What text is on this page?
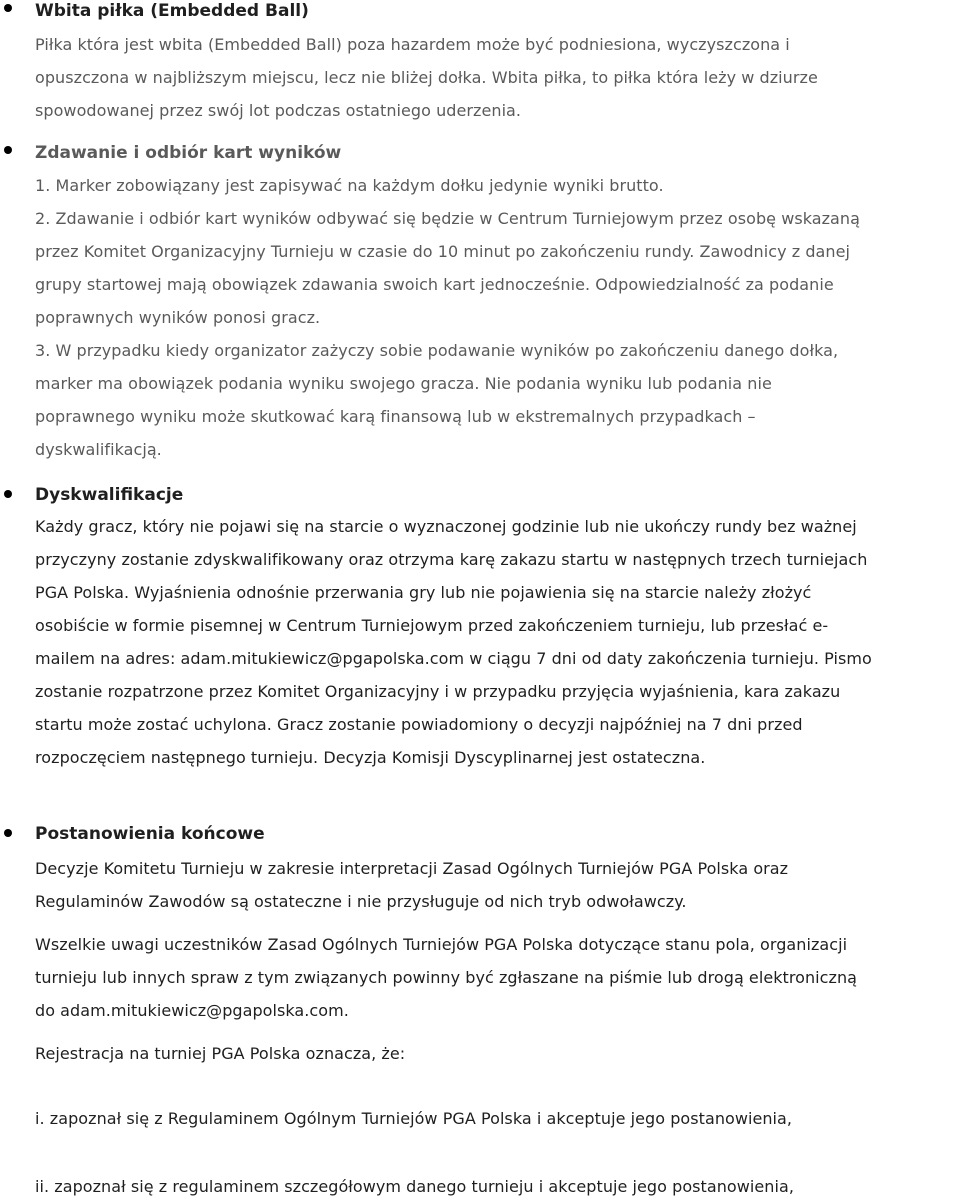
Wbita piłka (Embedded Ball)
Piłka która jest wbita (Embedded Ball) poza hazardem może być podniesiona, wyczyszczona i
opuszczona w najbliższym miejscu, lecz nie bliżej dołka. Wbita piłka, to piłka która leży w dziurze
spowodowanej przez swój lot podczas ostatniego uderzenia.
Zdawanie i odbiór kart wyników
1. Marker zobowiązany jest zapisywać na każdym dołku jedynie wyniki brutto.
2. Zdawanie i odbiór kart wyników odbywać się będzie w Centrum Turniejowym przez osobę wskazaną
przez Komitet Organizacyjny Turnieju w czasie do 10 minut po zakończeniu rundy. Zawodnicy z danej
grupy startowej mają obowiązek zdawania swoich kart jednocześnie. Odpowiedzialność za podanie
poprawnych wyników ponosi gracz.
3. W przypadku kiedy organizator zażyczy sobie podawanie wyników po zakończeniu danego dołka,
marker ma obowiązek podania wyniku swojego gracza. Nie podania wyniku lub podania nie
poprawnego wyniku może skutkować karą finansową lub w ekstremalnych przypadkach –
dyskwalifikacją.
Dyskwalifikacje
Każdy gracz, który nie pojawi się na starcie o wyznaczonej godzinie lub nie ukończy rundy bez ważnej
przyczyny zostanie zdyskwalifikowany oraz otrzyma karę zakazu startu w następnych trzech turniejach
PGA Polska. Wyjaśnienia odnośnie przerwania gry lub nie pojawienia się na starcie należy złożyć
osobiście w formie pisemnej w Centrum Turniejowym przed zakończeniem turnieju, lub przesłać e-
mailem na adres: adam.mitukiewicz@pgapolska.com w ciągu 7 dni od daty zakończenia turnieju. Pismo
zostanie rozpatrzone przez Komitet Organizacyjny i w przypadku przyjęcia wyjaśnienia, kara zakazu
startu może zostać uchylona. Gracz zostanie powiadomiony o decyzji najpóźniej na 7 dni przed
rozpoczęciem następnego turnieju. Decyzja Komisji Dyscyplinarnej jest ostateczna.
Postanowienia końcowe
Decyzje Komitetu Turnieju w zakresie interpretacji Zasad Ogólnych Turniejów PGA Polska oraz
Regulaminów Zawodów są ostateczne i nie przysługuje od nich tryb odwoławczy.
Wszelkie uwagi uczestników Zasad Ogólnych Turniejów PGA Polska dotyczące stanu pola, organizacji
turnieju lub innych spraw z tym związanych powinny być zgłaszane na piśmie lub drogą elektroniczną
do adam.mitukiewicz@pgapolska.com.
Rejestracja na turniej PGA Polska oznacza, że:
i. zapoznał się z Regulaminem Ogólnym Turniejów PGA Polska i akceptuje jego postanowienia,
ii. zapoznał się z regulaminem szczegółowym danego turnieju i akceptuje jego postanowienia,
